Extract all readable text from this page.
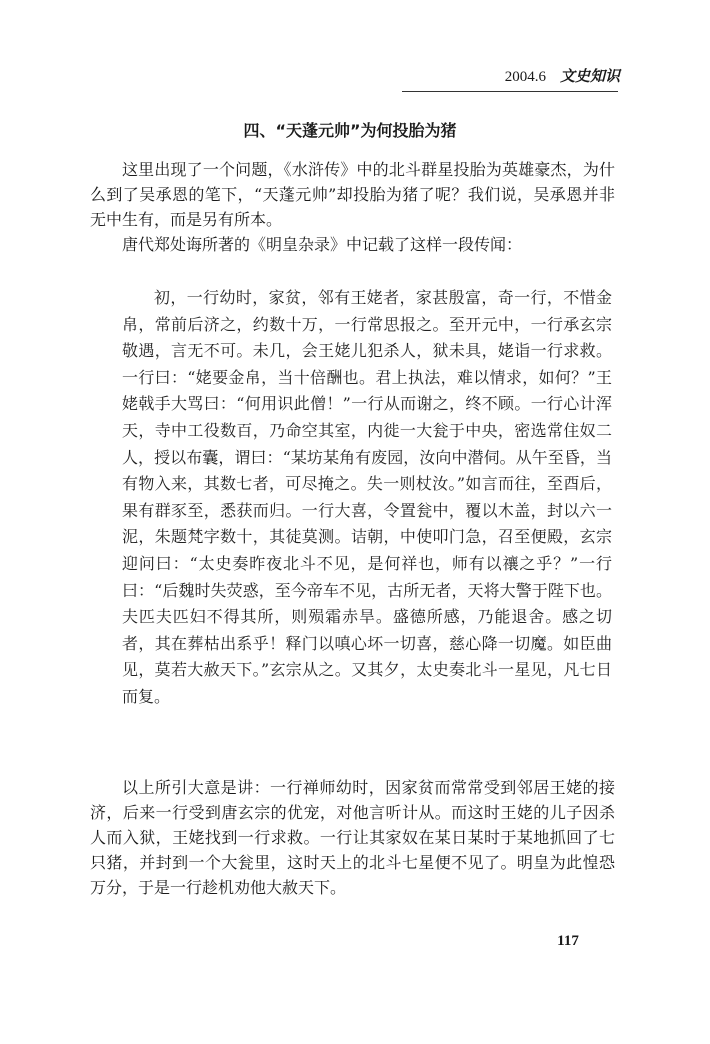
2004.6 文史知识
四、“天蓬元帅”为何投胎为猪

这里出现了一个问题，《水浒传》中的北斗群星投胎为英雄豪杰，为什么到了吴承恩的笔下，“天蓬元帅”却投胎为猪了呢？我们说，吴承恩并非无中生有，而是另有所本。

唐代郑处诲所著的《明皇杂录》中记载了这样一段传闻：

初，一行幼时，家贫，邻有王姥者，家甚殷富，奇一行，不惜金帛，常前后济之，约数十万，一行常思报之。至开元中，一行承玄宗敬遇，言无不可。未几，会王姥儿犯杀人，狱未具，姥诣一行求救。一行曰：“姥要金帛，当十倍酬也。君上执法，难以情求，如何？”王姥戟手大骂曰：“何用识此僧！”一行从而谢之，终不顾。一行心计浑天，寺中工役数百，乃命空其室，内徙一大瓮于中央，密选常住奴二人，授以布囊，谓曰：“某坊某角有废园，汝向中潜伺。从午至昏，当有物入来，其数七者，可尽掩之。失一则杖汝。”如言而往，至酉后，果有群豕至，悉获而归。一行大喜，令置瓮中，覆以木盖，封以六一泥，朱题梵字数十，其徒莫测。诘朝，中使叩门急，召至便殿，玄宗迎问曰：“太史奏昨夜北斗不见，是何祥也，师有以禳之乎？”一行曰：“后魏时失荧惑，至今帝车不见，古所无者，天将大警于陛下也。夫匹夫匹妇不得其所，则殒霜赤旱。盛德所感，乃能退舍。感之切者，其在葬枯出系乎！释门以嗔心坏一切喜，慈心降一切魔。如臣曲见，莫若大赦天下。”玄宗从之。又其夕，太史奏北斗一星见，凡七日而复。

以上所引大意是讲：一行禅师幼时，因家贫而常常受到邻居王姥的接济，后来一行受到唐玄宗的优宠，对他言听计从。而这时王姥的儿子因杀人而入狱，王姥找到一行求救。一行让其家奴在某日某时于某地抓回了七只猪，并封到一个大瓮里，这时天上的北斗七星便不见了。明皇为此惶恐万分，于是一行趁机劝他大赦天下。

117
